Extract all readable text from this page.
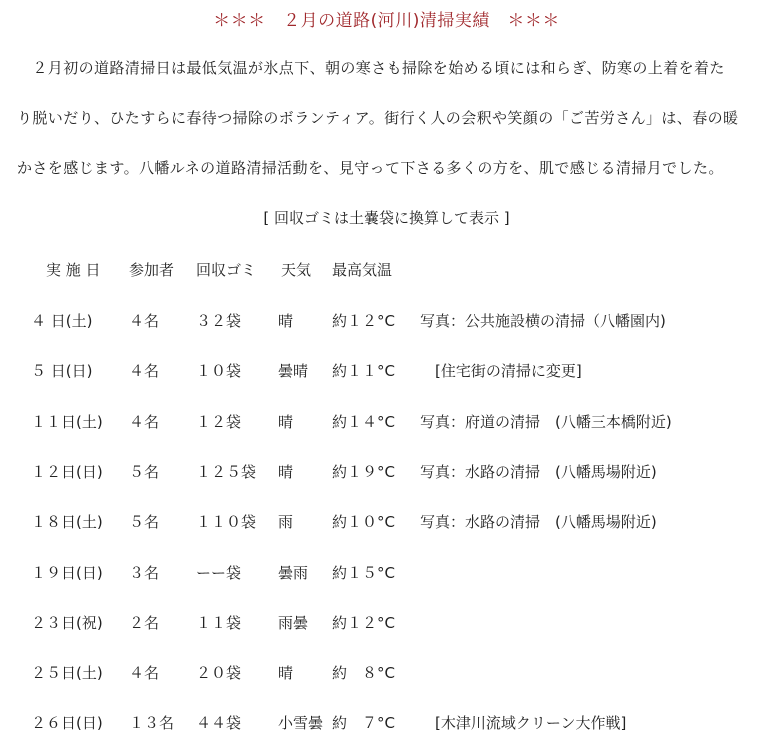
＊＊＊　２月の道路(河川)清掃実績　＊＊＊
　２月初の道路清掃日は最低気温が氷点下、朝の寒さも掃除を始める頃には和らぎ、防寒の上着を着た
り脱いだり、ひたすらに春待つ掃除のボランティア。街行く人の会釈や笑顔の「ご苦労さん」は、春の暖
かさを感じます。八幡ルネの道路清掃活動を、見守って下さる多くの方を、肌で感じる清掃月でした。
[ 回収ゴミは土嚢袋に換算して表示 ]
実 施 日 参加者 回収ゴミ 天気 最高気温
４ 日(土) ４名 ３２袋 晴	約１２°C 写真：公共施設横の清掃（八幡園内)
５ 日(日) ４名 １０袋 曇晴 約１１°C 　[住宅街の清掃に変更]
１１日(土) ４名 １２袋 晴	約１４°C 写真：府道の清掃　(八幡三本橋附近)
１２日(日) ５名 １２５袋 晴	約１９°C 写真：水路の清掃　(八幡馬場附近)
１８日(土) ５名 １１０袋 雨	約１０°C 写真：水路の清掃　(八幡馬場附近)
１９日(日) ３名 ーー袋 曇雨 約１５°C
２３日(祝) ２名 １１袋 雨曇 約１２°C
２５日(土) ４名 ２０袋 晴	約　８°C
２６日(日) １３名 ４４袋 小雪曇 約　７°C 　[木津川流域クリーン大作戦]
